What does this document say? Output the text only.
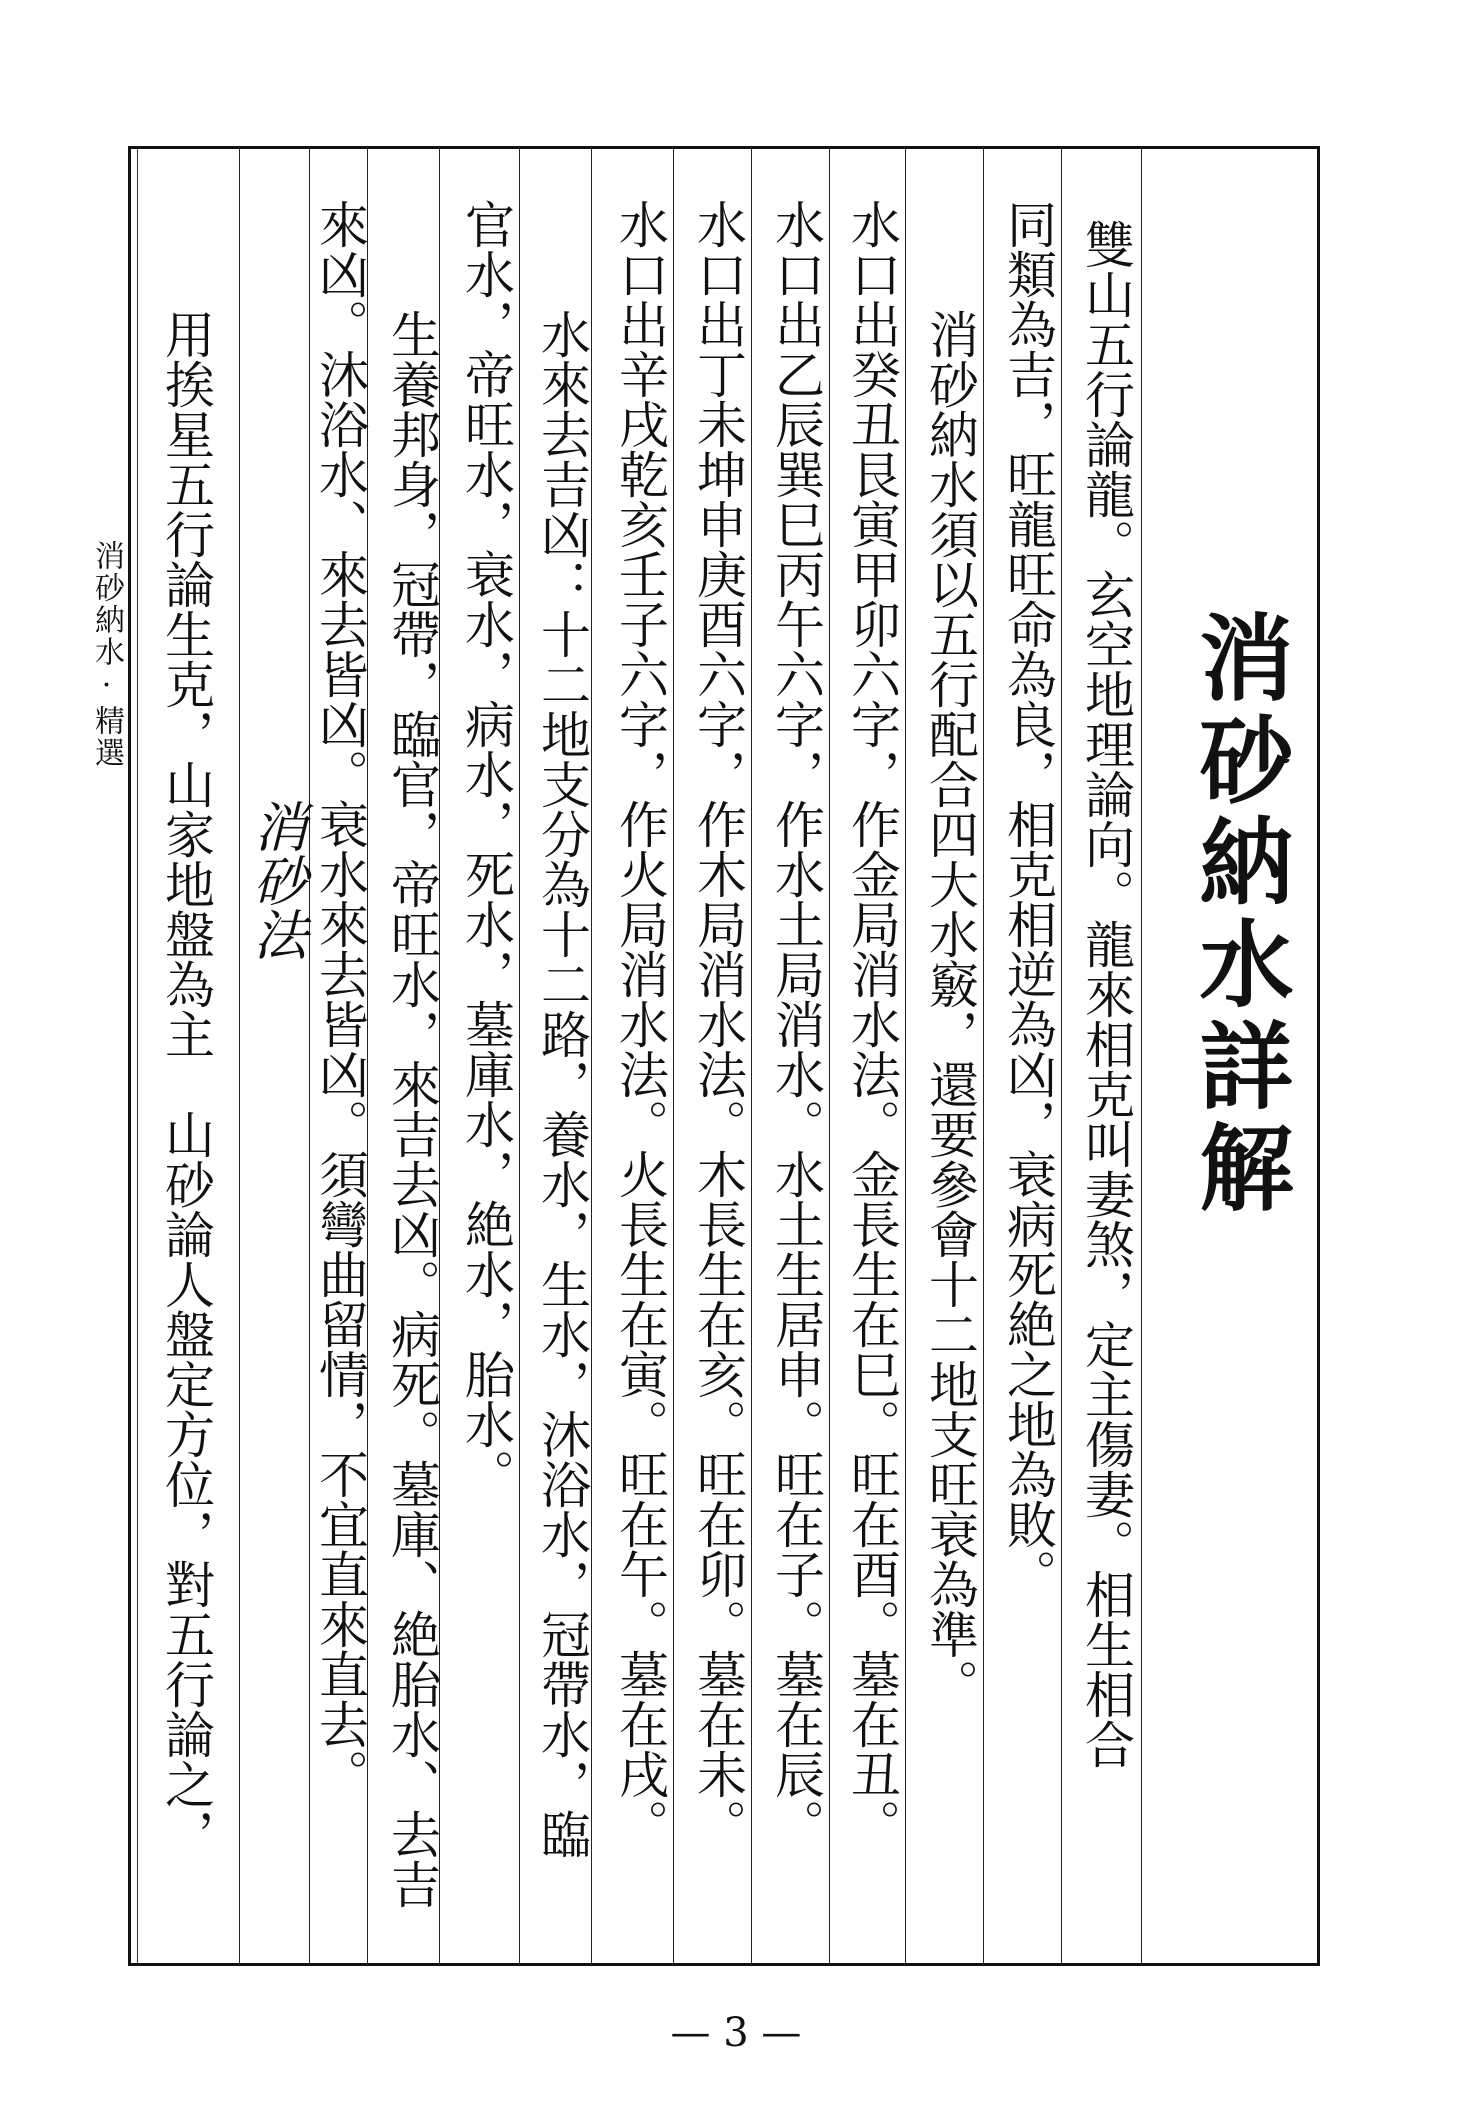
消砂納水詳解
雙山五行論龍。玄空地理論向。龍來相克叫妻煞，定主傷妻。相生相合
同類為吉，旺龍旺命為良，相克相逆為凶，衰病死絶之地為敗。
消砂納水須以五行配合四大水竅，還要參會十二地支旺衰為準。
水口出癸丑艮寅甲卯六字，作金局消水法。金長生在巳。旺在酉。墓在丑。
水口出乙辰巽巳丙午六字，作水土局消水。水土生居申。旺在子。墓在辰。
水口出丁未坤申庚酉六字，作木局消水法。木長生在亥。旺在卯。墓在未。
水口出辛戌乾亥壬子六字，作火局消水法。火長生在寅。旺在午。墓在戌。
水來去吉凶：十二地支分為十二路，養水，生水，沐浴水，冠帶水，臨
官水，帝旺水，衰水，病水，死水，墓庫水，絶水，胎水。
生養邦身，冠帶，臨官，帝旺水，來吉去凶。病死。墓庫、絶胎水、去吉
來凶。沐浴水、來去皆凶。衰水來去皆凶。須彎曲留情，不宜直來直去。
消砂法
用挨星五行論生克，山家地盤為主　山砂論人盤定方位，對五行論之，
消砂納水·精選
— 3 —
